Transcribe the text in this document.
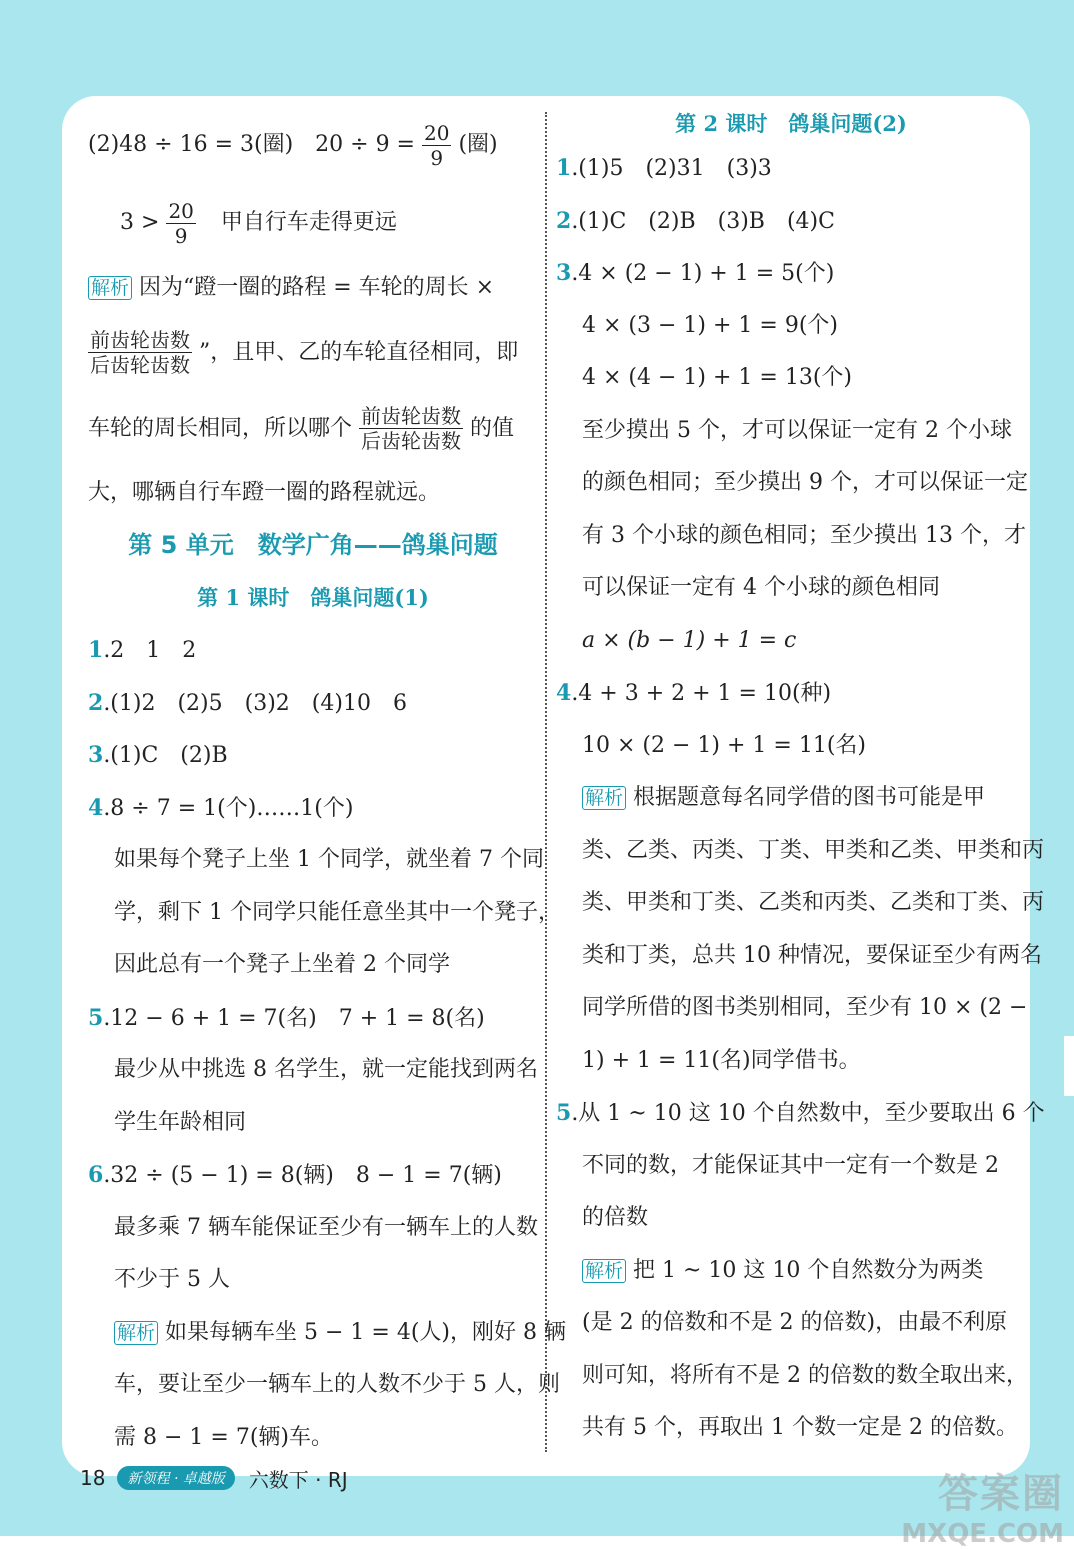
(2)48 ÷ 16 = 3(圈)　$20 \div 9 = \frac{20}{9}$ (圈)
$3 > \frac{20}{9}$ 甲自行车走得更远
解析 因为“蹬一圈的路程 = 车轮的周长 ×
$\frac{\text{前齿轮齿数}}{\text{后齿轮齿数}}$ ”，且甲、乙的车轮直径相同，即
车轮的周长相同，所以哪个 $\frac{\text{前齿轮齿数}}{\text{后齿轮齿数}}$ 的值
大，哪辆自行车蹬一圈的路程就远。
第 5 单元　数学广角——鸽巢问题
第 1 课时　鸽巢问题(1)
1.2　1　2
2.(1)2　(2)5　(3)2　(4)10　6
3.(1)C　(2)B
4.8 ÷ 7 = 1(个)……1(个)
如果每个凳子上坐 1 个同学，就坐着 7 个同
学，剩下 1 个同学只能任意坐其中一个凳子，
因此总有一个凳子上坐着 2 个同学
5.12 − 6 + 1 = 7(名)　7 + 1 = 8(名)
最少从中挑选 8 名学生，就一定能找到两名
学生年龄相同
6.32 ÷ (5 − 1) = 8(辆)　8 − 1 = 7(辆)
最多乘 7 辆车能保证至少有一辆车上的人数
不少于 5 人
解析 如果每辆车坐 5 − 1 = 4(人)，刚好 8 辆
车，要让至少一辆车上的人数不少于 5 人，则
需 8 − 1 = 7(辆)车。
第 2 课时　鸽巢问题(2)
1.(1)5　(2)31　(3)3
2.(1)C　(2)B　(3)B　(4)C
3.4 × (2 − 1) + 1 = 5(个)
4 × (3 − 1) + 1 = 9(个)
4 × (4 − 1) + 1 = 13(个)
至少摸出 5 个，才可以保证一定有 2 个小球
的颜色相同；至少摸出 9 个，才可以保证一定
有 3 个小球的颜色相同；至少摸出 13 个，才
可以保证一定有 4 个小球的颜色相同
a × (b − 1) + 1 = c
4.4 + 3 + 2 + 1 = 10(种)
10 × (2 − 1) + 1 = 11(名)
解析 根据题意每名同学借的图书可能是甲
类、乙类、丙类、丁类、甲类和乙类、甲类和丙
类、甲类和丁类、乙类和丙类、乙类和丁类、丙
类和丁类，总共 10 种情况，要保证至少有两名
同学所借的图书类别相同，至少有 10 × (2 −
1) + 1 = 11(名)同学借书。
5.从 1 ~ 10 这 10 个自然数中，至少要取出 6 个
不同的数，才能保证其中一定有一个数是 2
的倍数
解析 把 1 ~ 10 这 10 个自然数分为两类
(是 2 的倍数和不是 2 的倍数)，由最不利原
则可知，将所有不是 2 的倍数的数全取出来，
共有 5 个，再取出 1 个数一定是 2 的倍数。
18	新领程 · 卓越版	六数下 · RJ	答案圈
MXQE.COM
